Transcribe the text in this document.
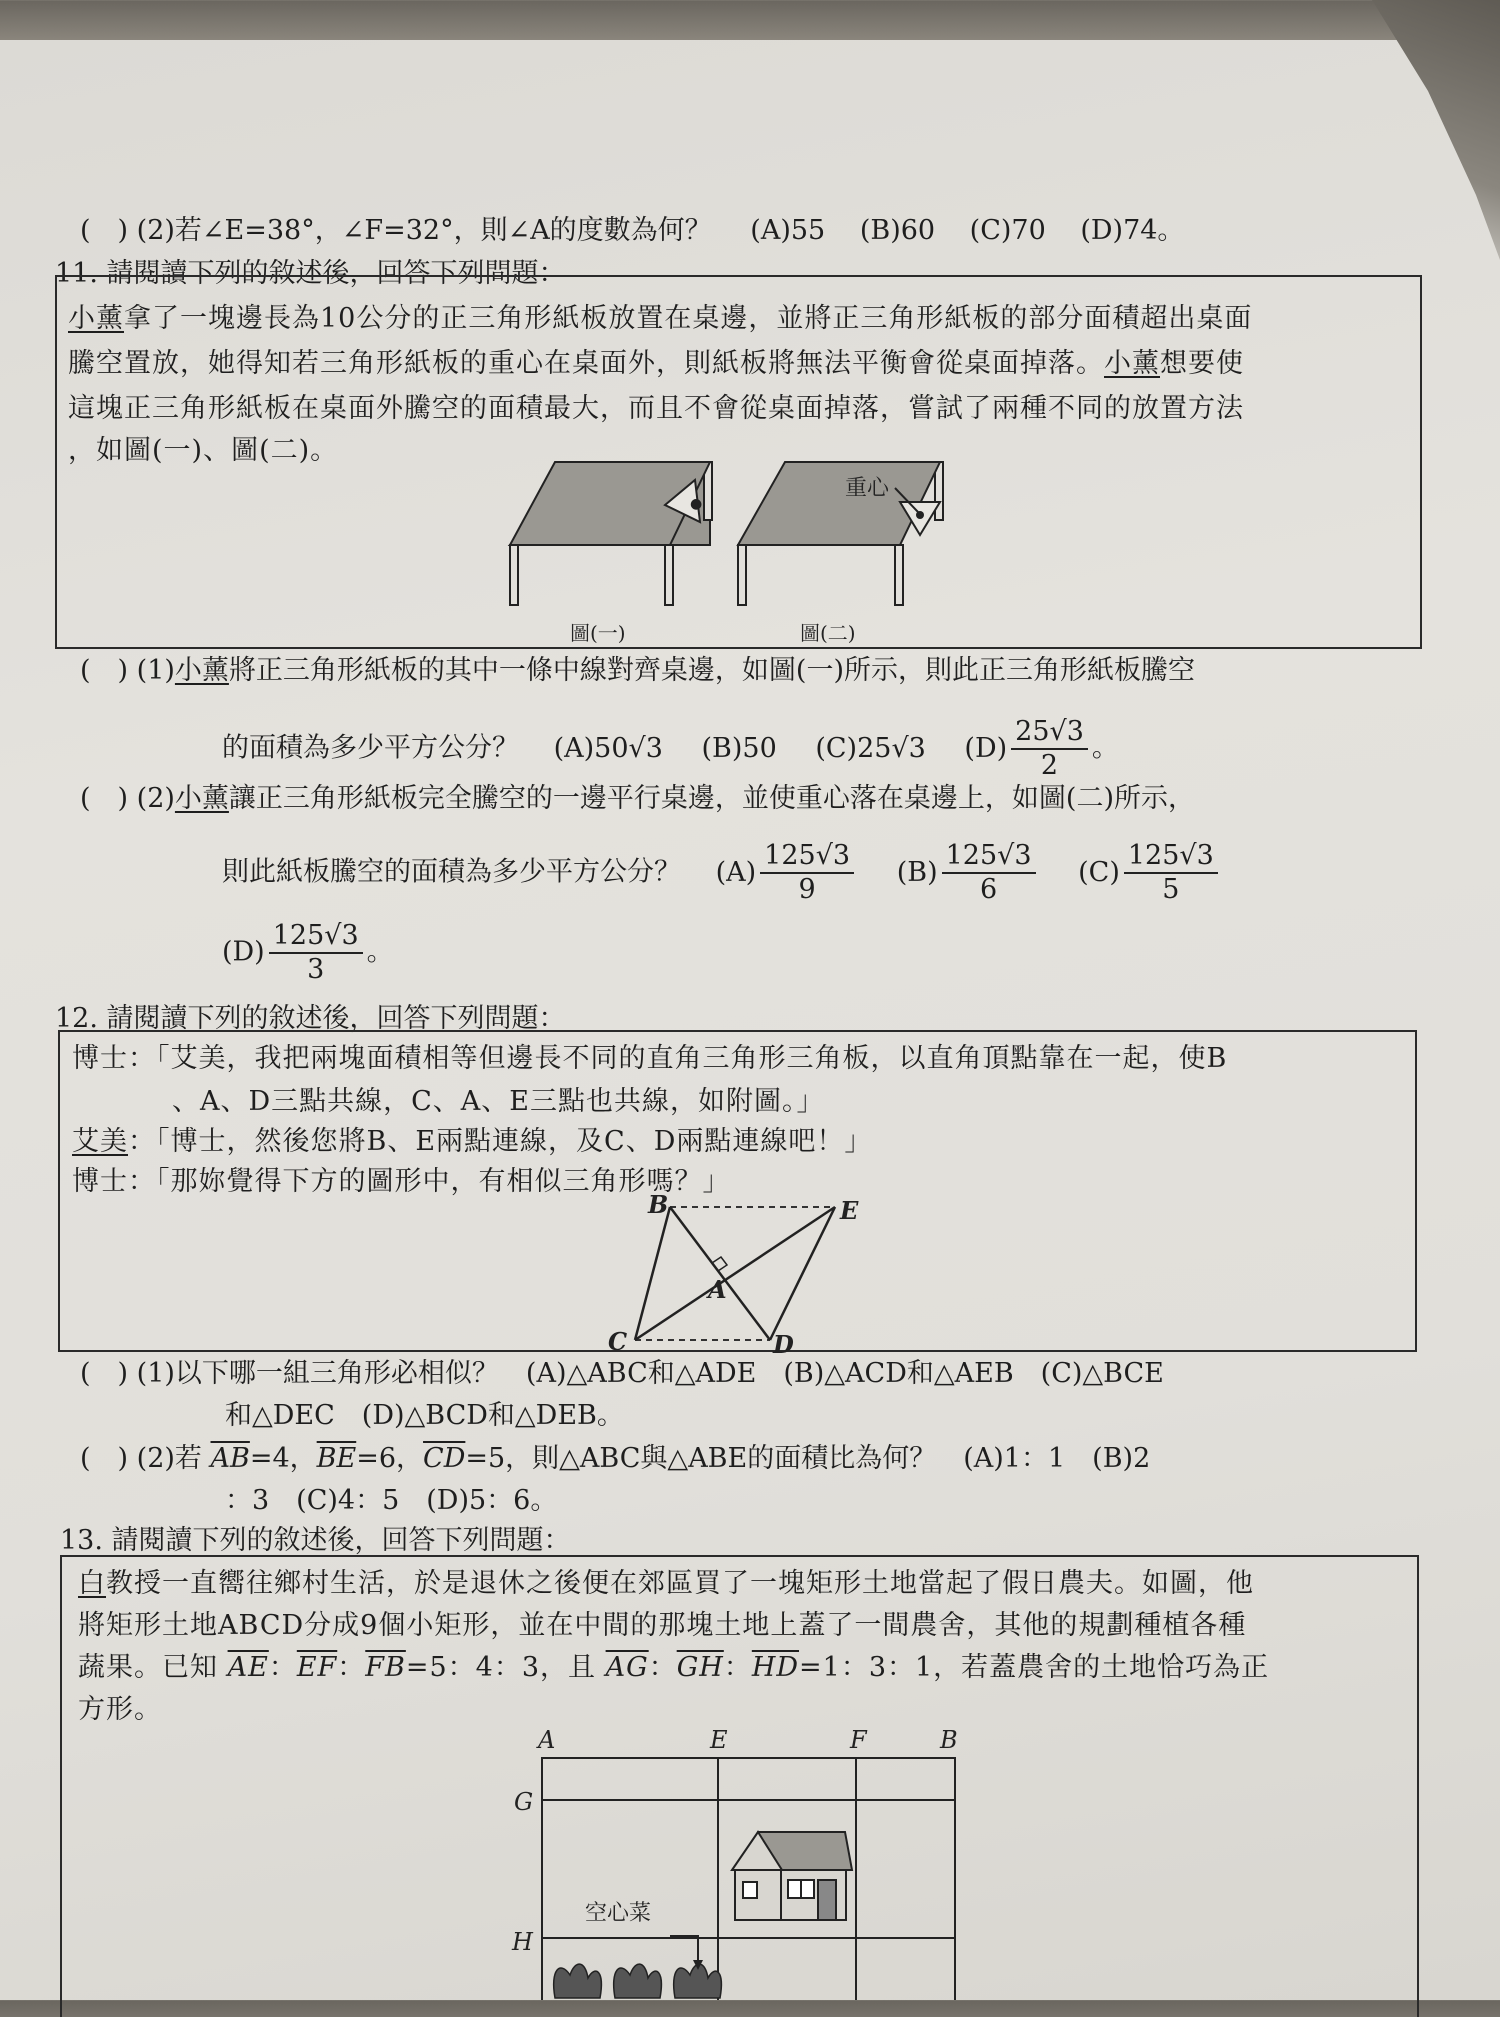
(　) (2)若∠E=38°，∠F=32°，則∠A的度數為何？ (A)55 (B)60 (C)70 (D)74。
11. 請閱讀下列的敘述後，回答下列問題：
小薰拿了一塊邊長為10公分的正三角形紙板放置在桌邊，並將正三角形紙板的部分面積超出桌面
騰空置放，她得知若三角形紙板的重心在桌面外，則紙板將無法平衡會從桌面掉落。小薰想要使
這塊正三角形紙板在桌面外騰空的面積最大，而且不會從桌面掉落，嘗試了兩種不同的放置方法
，如圖(一)、圖(二)。
●
重心
圖(一)	圖(二)
(　) (1)小薰將正三角形紙板的其中一條中線對齊桌邊，如圖(一)所示，則此正三角形紙板騰空
的面積為多少平方公分？ (A)50√3 (B)50 (C)25√3 $(D) \frac{25√3}{2}$ 。
(　) (2)小薰讓正三角形紙板完全騰空的一邊平行桌邊，並使重心落在桌邊上，如圖(二)所示，
則此紙板騰空的面積為多少平方公分？ $(A) \frac{125√3}{9} (B) \frac{125√3}{6} (C) \frac{125√3}{5}$
$(D) \frac{125√3}{3}$ 。
12. 請閱讀下列的敘述後，回答下列問題：
博士：「艾美，我把兩塊面積相等但邊長不同的直角三角形三角板，以直角頂點靠在一起，使B
、A、D三點共線，C、A、E三點也共線，如附圖。」
艾美：「博士，然後您將B、E兩點連線，及C、D兩點連線吧！」
博士：「那妳覺得下方的圖形中，有相似三角形嗎？」
B	E
A
C	D
(　) (1)以下哪一組三角形必相似？　(A)△ABC和△ADE　(B)△ACD和△AEB　(C)△BCE
和△DEC　(D)△BCD和△DEB。
(　) (2)若 $\overline{AB}=4$，$\overline{BE}=6$，$\overline{CD}=5$，則△ABC與△ABE的面積比為何？　(A)1：1　(B)2
：3　(C)4：5　(D)5：6。
13. 請閱讀下列的敘述後，回答下列問題：
白教授一直嚮往鄉村生活，於是退休之後便在郊區買了一塊矩形土地當起了假日農夫。如圖，他
將矩形土地ABCD分成9個小矩形，並在中間的那塊土地上蓋了一間農舍，其他的規劃種植各種
蔬果。已知 $\overline{AE}$：$\overline{EF}$：$\overline{FB}=5$：4：3，且 $\overline{AG}$：$\overline{GH}$：$\overline{HD}=1$：3：1，若蓋農舍的土地恰巧為正
方形。
空心菜
A	E	F	B
G
H
